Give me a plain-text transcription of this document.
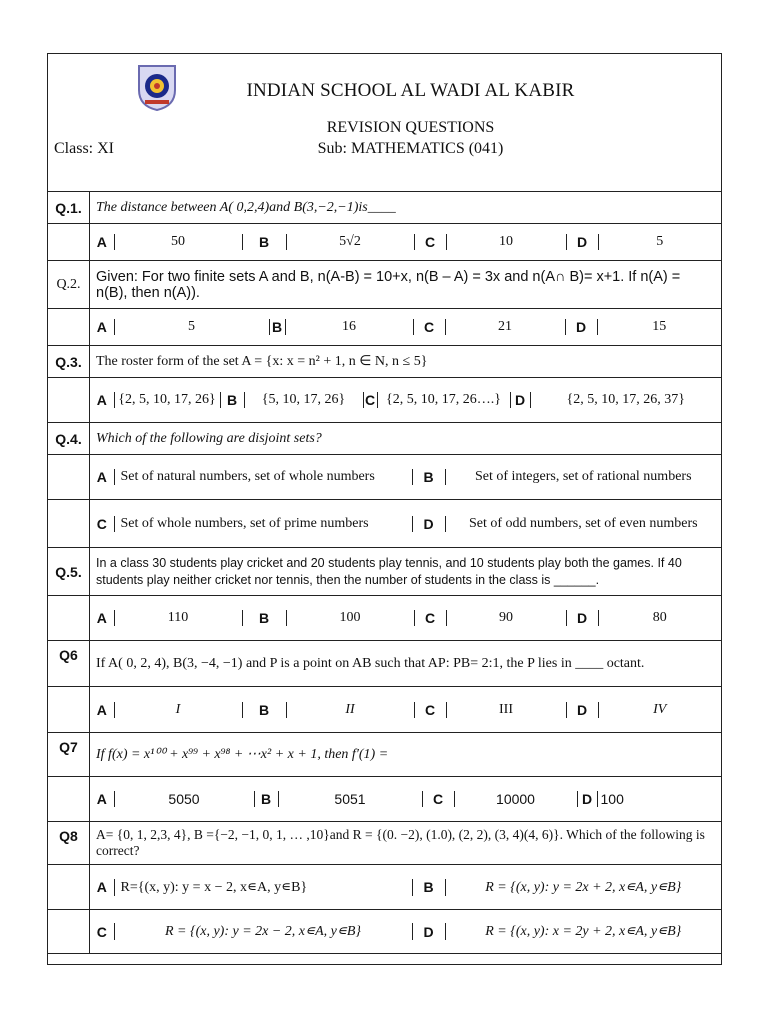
INDIAN SCHOOL AL WADI AL KABIR
REVISION QUESTIONS
Class: XI	Sub: MATHEMATICS (041)
Q.1.	The distance between A( 0,2,4)and B(3,−2,−1)is____

A	50	B	5√2	C	10	D	5

Q.2.	Given: For two finite sets A and B, n(A-B) = 10+x, n(B – A) = 3x and n(A∩ B)= x+1. If n(A) = n(B), then n(A)).

A	5	B	16	C	21	D	15

Q.3.	The roster form of the set A = {x: x = n² + 1, n ∈ N, n ≤ 5}

A	{2, 5, 10, 17, 26}	B	{5, 10, 17, 26}	C	{2, 5, 10, 17, 26….}	D	{2, 5, 10, 17, 26, 37}

Q.4.	Which of the following are disjoint sets?

A	Set of natural numbers, set of whole numbers	B	Set of integers, set of rational numbers

C	Set of whole numbers, set of prime numbers	D	Set of odd numbers, set of even numbers

Q.5.	In a class 30 students play cricket and 20 students play tennis, and 10 students play both the games. If 40 students play neither cricket nor tennis, then the number of students in the class is ______.

A	110	B	100	C	90	D	80

Q6	If A( 0, 2, 4), B(3, −4, −1) and P is a point on AB such that AP: PB= 2:1, the P lies in ____ octant.

A	I	B	II	C	III	D	IV

Q7	If f(x) = x¹⁰⁰ + x⁹⁹ + x⁹⁸ + ⋯x² + x + 1, then f′(1) =

A	5050	B	5051	C	10000	D	100

Q8	A= {0, 1, 2,3, 4}, B ={−2, −1, 0, 1, … ,10}and R = {(0. −2), (1.0), (2, 2), (3, 4)(4, 6)}. Which of the following is correct?

A	R={(x, y): y = x − 2, x∊A, y∊B}	B	R = {(x, y): y = 2x + 2, x∊A, y∊B}

C	R = {(x, y): y = 2x − 2, x∊A, y∊B}	D	R = {(x, y): x = 2y + 2, x∊A, y∊B}
